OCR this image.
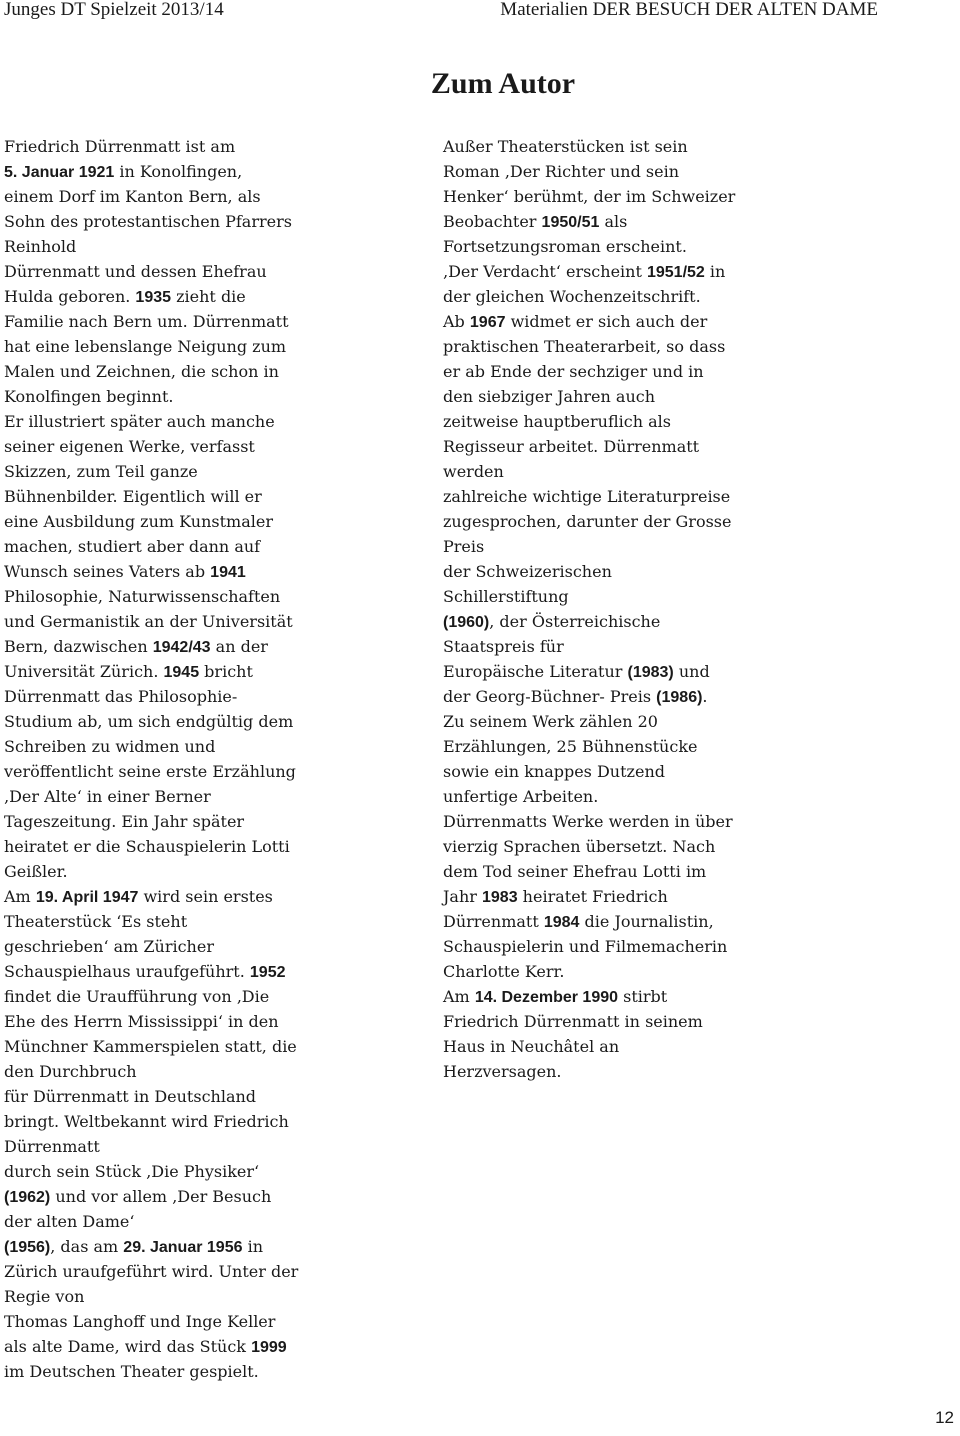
Junges DT Spielzeit 2013/14	Materialien DER BESUCH DER ALTEN DAME
Zum Autor
Friedrich Dürrenmatt ist am
5. Januar 1921 in Konolfingen,
einem Dorf im Kanton Bern, als
Sohn des protestantischen Pfarrers
Reinhold
Dürrenmatt und dessen Ehefrau
Hulda geboren. 1935 zieht die
Familie nach Bern um. Dürrenmatt
hat eine lebenslange Neigung zum
Malen und Zeichnen, die schon in
Konolfingen beginnt.
Er illustriert später auch manche
seiner eigenen Werke, verfasst
Skizzen, zum Teil ganze
Bühnenbilder. Eigentlich will er
eine Ausbildung zum Kunstmaler
machen, studiert aber dann auf
Wunsch seines Vaters ab 1941
Philosophie, Naturwissenschaften
und Germanistik an der Universität
Bern, dazwischen 1942/43 an der
Universität Zürich. 1945 bricht
Dürrenmatt das Philosophie-
Studium ab, um sich endgültig dem
Schreiben zu widmen und
veröffentlicht seine erste Erzählung
‚Der Alte‘ in einer Berner
Tageszeitung. Ein Jahr später
heiratet er die Schauspielerin Lotti
Geißler.
Am 19. April 1947 wird sein erstes
Theaterstück ‘Es steht
geschrieben‘ am Züricher
Schauspielhaus uraufgeführt. 1952
findet die Uraufführung von ‚Die
Ehe des Herrn Mississippi‘ in den
Münchner Kammerspielen statt, die
den Durchbruch
für Dürrenmatt in Deutschland
bringt. Weltbekannt wird Friedrich
Dürrenmatt
durch sein Stück ‚Die Physiker‘
(1962) und vor allem ‚Der Besuch
der alten Dame‘
(1956), das am 29. Januar 1956 in
Zürich uraufgeführt wird. Unter der
Regie von
Thomas Langhoff und Inge Keller
als alte Dame, wird das Stück 1999
im Deutschen Theater gespielt.
Außer Theaterstücken ist sein
Roman ‚Der Richter und sein
Henker‘ berühmt, der im Schweizer
Beobachter 1950/51 als
Fortsetzungsroman erscheint.
‚Der Verdacht‘ erscheint 1951/52 in
der gleichen Wochenzeitschrift.
Ab 1967 widmet er sich auch der
praktischen Theaterarbeit, so dass
er ab Ende der sechziger und in
den siebziger Jahren auch
zeitweise hauptberuflich als
Regisseur arbeitet. Dürrenmatt
werden
zahlreiche wichtige Literaturpreise
zugesprochen, darunter der Grosse
Preis
der Schweizerischen
Schillerstiftung
(1960), der Österreichische
Staatspreis für
Europäische Literatur (1983) und
der Georg-Büchner- Preis (1986).
Zu seinem Werk zählen 20
Erzählungen, 25 Bühnenstücke
sowie ein knappes Dutzend
unfertige Arbeiten.
Dürrenmatts Werke werden in über
vierzig Sprachen übersetzt. Nach
dem Tod seiner Ehefrau Lotti im
Jahr 1983 heiratet Friedrich
Dürrenmatt 1984 die Journalistin,
Schauspielerin und Filmemacherin
Charlotte Kerr.
Am 14. Dezember 1990 stirbt
Friedrich Dürrenmatt in seinem
Haus in Neuchâtel an
Herzversagen.
12
